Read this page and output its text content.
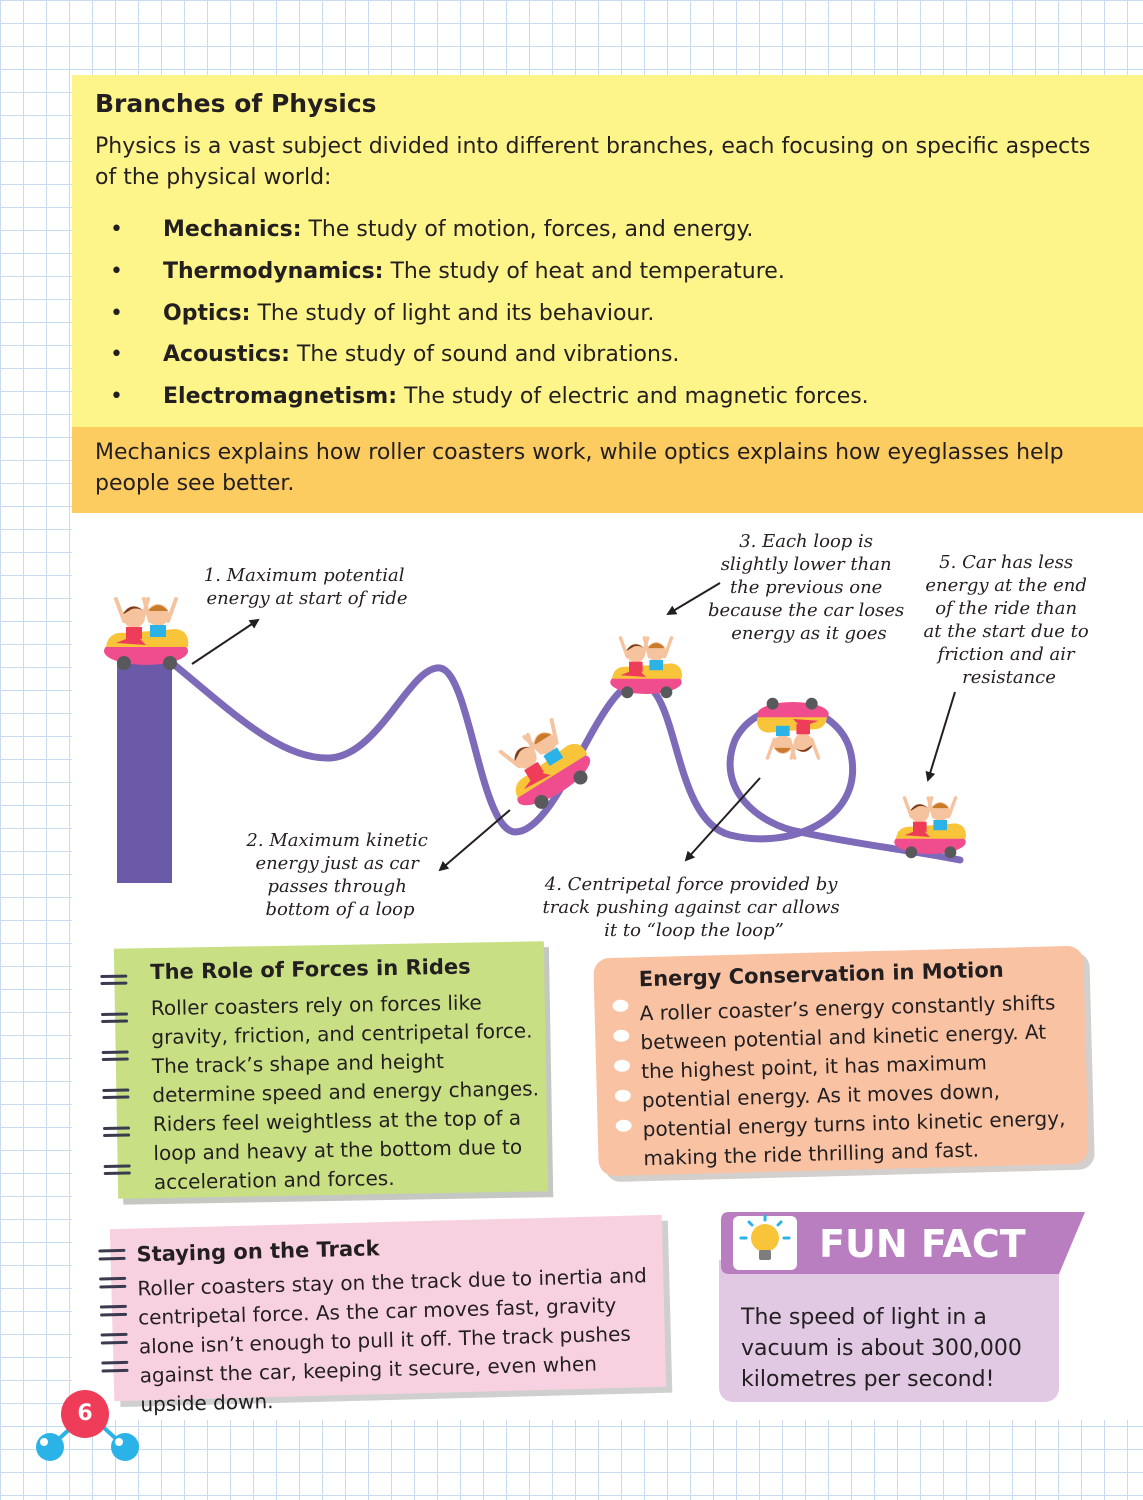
Branches of Physics

Physics is a vast subject divided into different branches, each focusing on specific aspects of the physical world:

• Mechanics: The study of motion, forces, and energy.
• Thermodynamics: The study of heat and temperature.
• Optics: The study of light and its behaviour.
• Acoustics: The study of sound and vibrations.
• Electromagnetism: The study of electric and magnetic forces.

Mechanics explains how roller coasters work, while optics explains how eyeglasses help people see better.

1. Maximum potential energy at start of ride
2. Maximum kinetic energy just as car passes through bottom of a loop
3. Each loop is slightly lower than the previous one because the car loses energy as it goes
4. Centripetal force provided by track pushing against car allows it to “loop the loop”
5. Car has less energy at the end of the ride than at the start due to friction and air resistance
The Role of Forces in Rides

Roller coasters rely on forces like gravity, friction, and centripetal force. The track’s shape and height determine speed and energy changes. Riders feel weightless at the top of a loop and heavy at the bottom due to acceleration and forces.

Energy Conservation in Motion

A roller coaster’s energy constantly shifts between potential and kinetic energy. At the highest point, it has maximum potential energy. As it moves down, potential energy turns into kinetic energy, making the ride thrilling and fast.

Staying on the Track

Roller coasters stay on the track due to inertia and centripetal force. As the car moves fast, gravity alone isn’t enough to pull it off. The track pushes against the car, keeping it secure, even when upside down.

FUN FACT

The speed of light in a vacuum is about 300,000 kilometres per second!

6
